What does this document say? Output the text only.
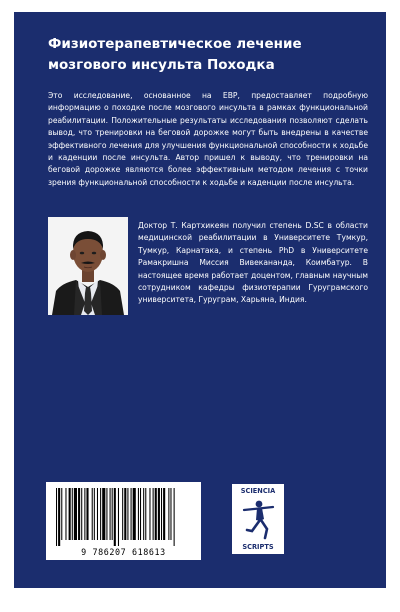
Физиотерапевтическое лечение мозгового инсульта Походка

Это исследование, основанное на EBP, предоставляет подробную информацию о походке после мозгового инсульта в рамках функциональной реабилитации. Положительные результаты исследования позволяют сделать вывод, что тренировки на беговой дорожке могут быть внедрены в качестве эффективного лечения для улучшения функциональной способности к ходьбе и каденции после инсульта. Автор пришел к выводу, что тренировки на беговой дорожке являются более эффективным методом лечения с точки зрения функциональной способности к ходьбе и каденции после инсульта.

Доктор Т. Картхикеян получил степень D.SC в области медицинской реабилитации в Университете Тумкур, Тумкур, Карнатака, и степень PhD в Университете Рамакришна Миссия Вивекананда, Коимбатур. В настоящее время работает доцентом, главным научным сотрудником кафедры физиотерапии Гуругрaмского университета, Гуругрaм, Харьяна, Индия.

9 786207 618613
SCIENCIA
SCRIPTS
